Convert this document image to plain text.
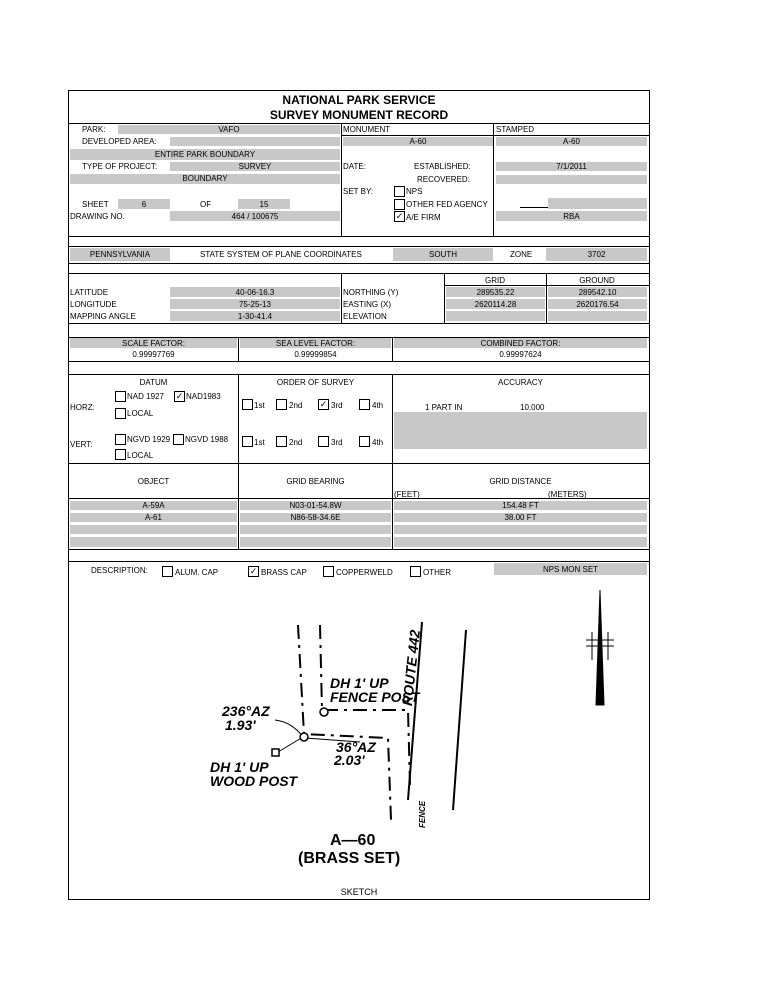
NATIONAL PARK SERVICE
SURVEY MONUMENT RECORD
PARK:	VAFO
DEVELOPED AREA:
ENTIRE PARK BOUNDARY
TYPE OF PROJECT:	SURVEY
BOUNDARY
SHEET	6	OF	15
DRAWING NO.	464 / 100675
MONUMENT
A-60
STAMPED
A-60
DATE:	ESTABLISHED:	7/1/2011
RECOVERED:
SET BY:	NPS
OTHER FED AGENCY
✓ A/E FIRM	RBA
PENNSYLVANIA	STATE SYSTEM OF PLANE COORDINATES	SOUTH	ZONE	3702
GRID	GROUND
LATITUDE	40-06-16.3
LONGITUDE	75-25-13
MAPPING ANGLE	1-30-41.4
NORTHING (Y)	289535.22	289542.10
EASTING (X)	2620114.28	2620176.54
ELEVATION
SCALE FACTOR:
0.99997769
SEA LEVEL FACTOR:
0.99999854
COMBINED FACTOR:
0.99997624
DATUM
HORZ:
NAD 1927 ✓ NAD1983
LOCAL
VERT:
NGVD 1929 NGVD 1988
LOCAL
ORDER OF SURVEY
1st	2nd ✓ 3rd	4th
1st	2nd	3rd	4th
ACCURACY
1 PART IN	10,000
OBJECT	GRID BEARING	GRID DISTANCE
(FEET)	(METERS)
A-59A	N03-01-54.8W	154.48 FT
A-61	N86-58-34.6E	38.00 FT
DESCRIPTION:	ALUM. CAP	✓ BRASS CAP	COPPERWELD	OTHER	NPS MON SET
DH 1' UP
FENCE POST
ROUTE 442
236°AZ
1.93'
36°AZ
2.03'
DH 1' UP
WOOD POST
FENCE
A—60
(BRASS SET)
SKETCH
